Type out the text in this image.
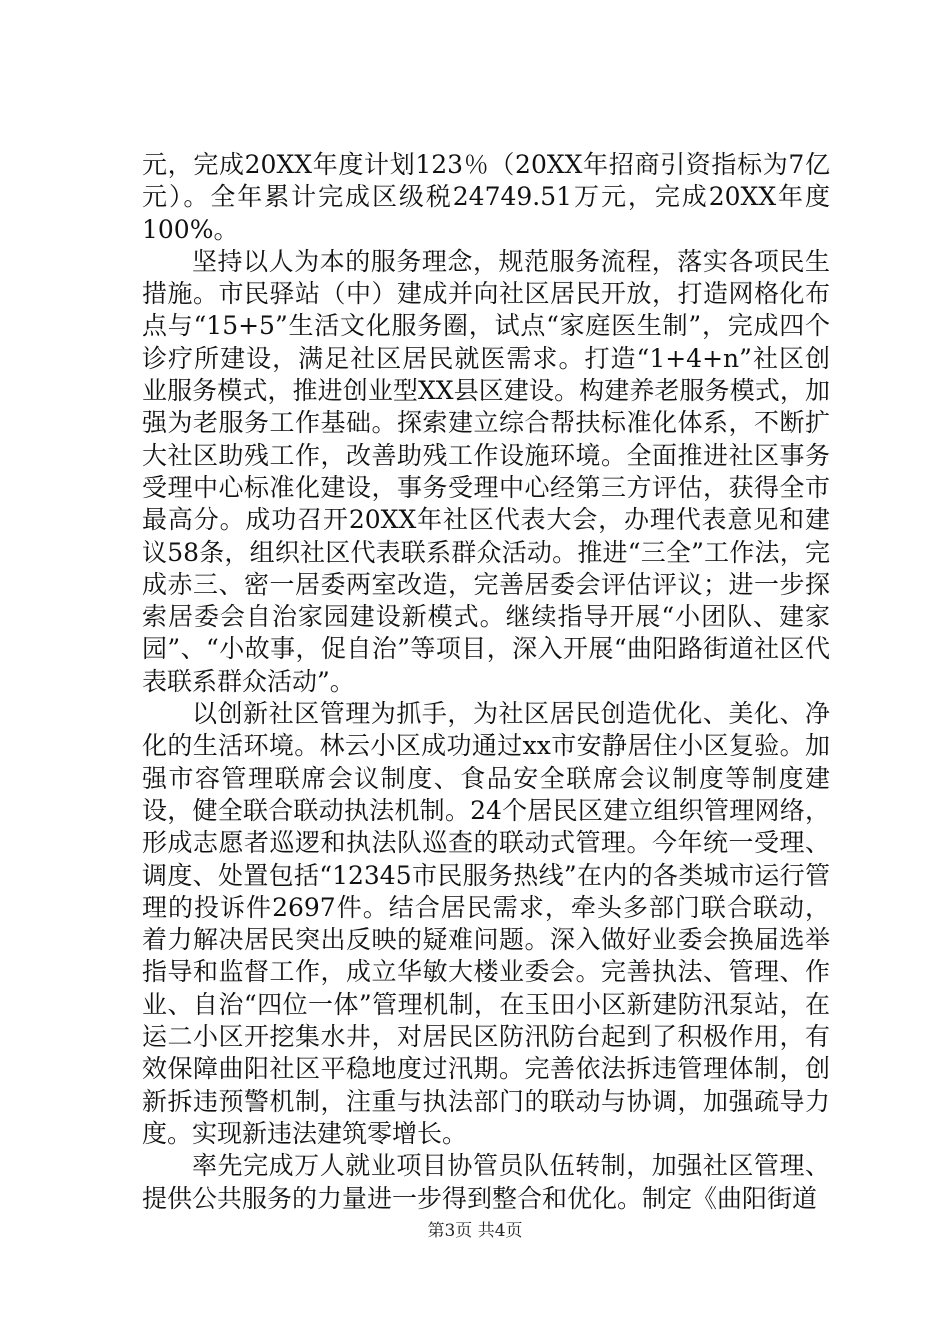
元，完成20XX年度计划123％（20XX年招商引资指标为7亿元）。全年累计完成区级税24749.51万元，完成20XX年度100%。

坚持以人为本的服务理念，规范服务流程，落实各项民生措施。市民驿站（中）建成并向社区居民开放，打造网格化布点与“15+5”生活文化服务圈，试点“家庭医生制”，完成四个诊疗所建设，满足社区居民就医需求。打造“1+4+n”社区创业服务模式，推进创业型XX县区建设。构建养老服务模式，加强为老服务工作基础。探索建立综合帮扶标准化体系，不断扩大社区助残工作，改善助残工作设施环境。全面推进社区事务受理中心标准化建设，事务受理中心经第三方评估，获得全市最高分。成功召开20XX年社区代表大会，办理代表意见和建议58条，组织社区代表联系群众活动。推进“三全”工作法，完成赤三、密一居委两室改造，完善居委会评估评议；进一步探索居委会自治家园建设新模式。继续指导开展“小团队、建家园”、“小故事，促自治”等项目，深入开展“曲阳路街道社区代表联系群众活动”。

以创新社区管理为抓手，为社区居民创造优化、美化、净化的生活环境。林云小区成功通过xx市安静居住小区复验。加强市容管理联席会议制度、食品安全联席会议制度等制度建设，健全联合联动执法机制。24个居民区建立组织管理网络，形成志愿者巡逻和执法队巡查的联动式管理。今年统一受理、调度、处置包括“12345市民服务热线”在内的各类城市运行管理的投诉件2697件。结合居民需求，牵头多部门联合联动，着力解决居民突出反映的疑难问题。深入做好业委会换届选举指导和监督工作，成立华敏大楼业委会。完善执法、管理、作业、自治“四位一体”管理机制，在玉田小区新建防汛泵站，在运二小区开挖集水井，对居民区防汛防台起到了积极作用，有效保障曲阳社区平稳地度过汛期。完善依法拆违管理体制，创新拆违预警机制，注重与执法部门的联动与协调，加强疏导力度。实现新违法建筑零增长。

率先完成万人就业项目协管员队伍转制，加强社区管理、提供公共服务的力量进一步得到整合和优化。制定《曲阳街道

第3页 共4页
